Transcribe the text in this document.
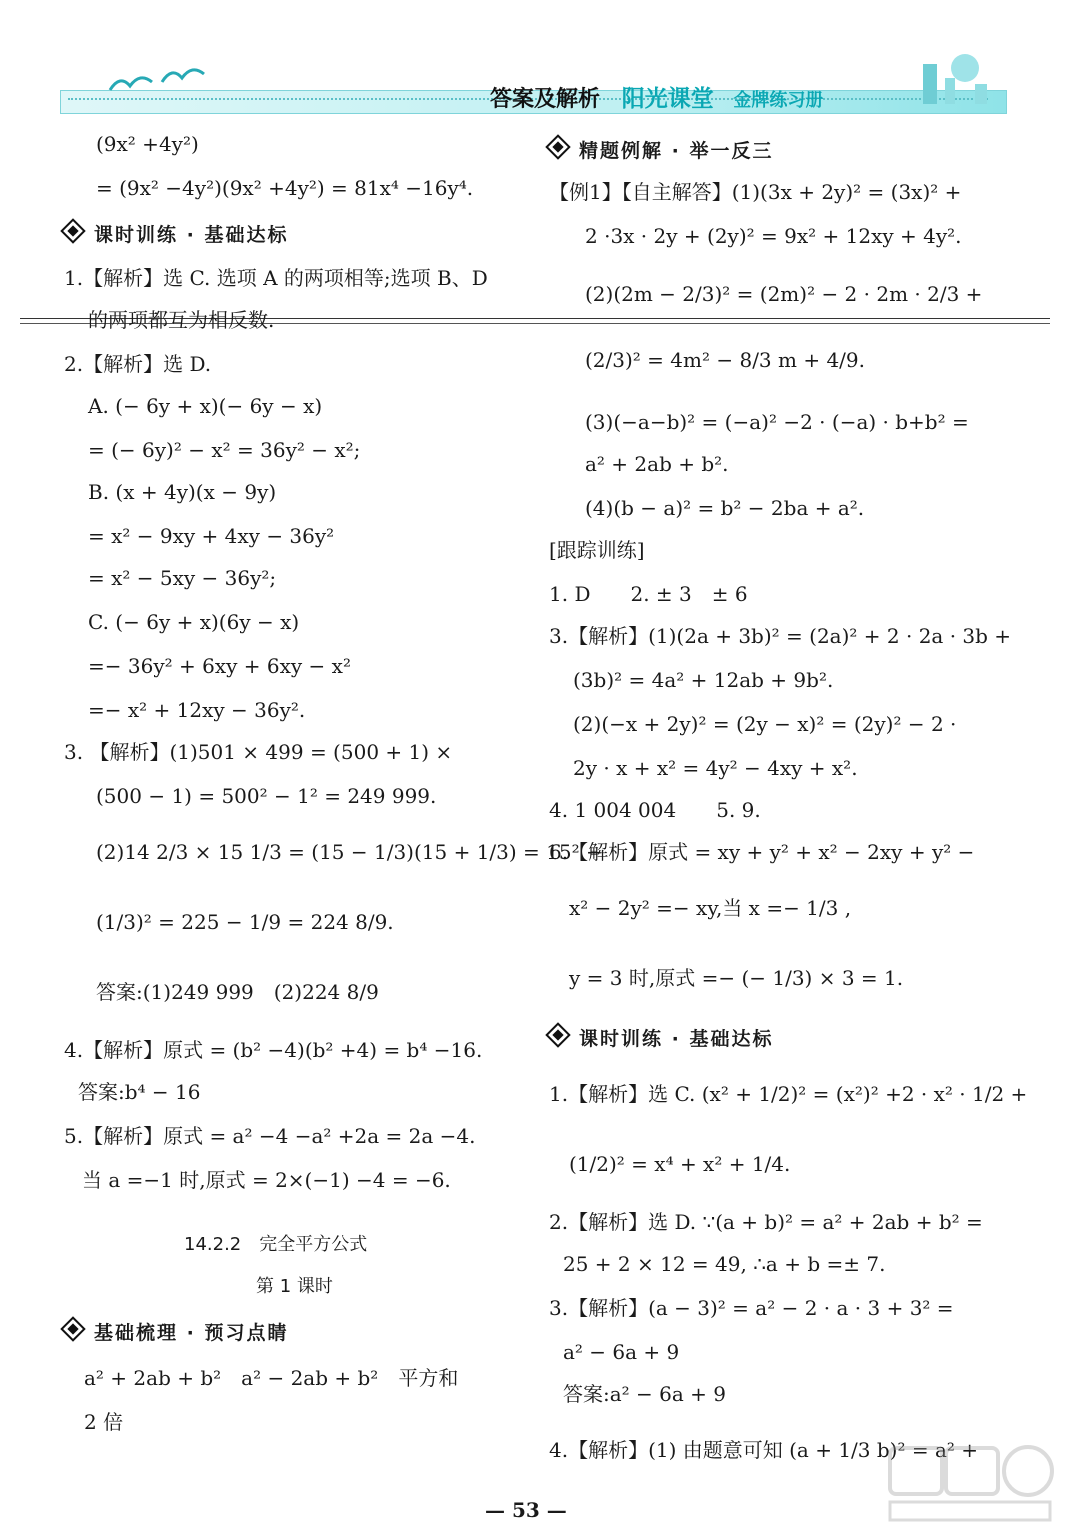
答案及解析 阳光课堂 金牌练习册
(9x² +4y²)
= (9x² −4y²)(9x² +4y²) = 81x⁴ −16y⁴.
课时训练 · 基础达标
1.【解析】选 C. 选项 A 的两项相等;选项 B、D
的两项都互为相反数.
2.【解析】选 D.
A. (− 6y + x)(− 6y − x)
= (− 6y)² − x² = 36y² − x²;
B. (x + 4y)(x − 9y)
= x² − 9xy + 4xy − 36y²
= x² − 5xy − 36y²;
C. (− 6y + x)(6y − x)
=− 36y² + 6xy + 6xy − x²
=− x² + 12xy − 36y².
3. 【解析】(1)501 × 499 = (500 + 1) ×
(500 − 1) = 500² − 1² = 249 999.
(2)14 2/3 × 15 1/3 = (15 − 1/3)(15 + 1/3) = 15² −
(1/3)² = 225 − 1/9 = 224 8/9.
答案:(1)249 999　(2)224 8/9
4.【解析】原式 = (b² −4)(b² +4) = b⁴ −16.
答案:b⁴ − 16
5.【解析】原式 = a² −4 −a² +2a = 2a −4.
当 a =−1 时,原式 = 2×(−1) −4 = −6.
14.2.2　完全平方公式
第 1 课时
基础梳理 · 预习点睛
a² + 2ab + b²　a² − 2ab + b²　平方和
2 倍
精题例解 · 举一反三
【例1】【自主解答】(1)(3x + 2y)² = (3x)² +
2 ·3x · 2y + (2y)² = 9x² + 12xy + 4y².
(2)(2m − 2/3)² = (2m)² − 2 · 2m · 2/3 +
(2/3)² = 4m² − 8/3 m + 4/9.
(3)(−a−b)² = (−a)² −2 · (−a) · b+b² =
a² + 2ab + b².
(4)(b − a)² = b² − 2ba + a².
[跟踪训练]
1. D　　2. ± 3　± 6
3.【解析】(1)(2a + 3b)² = (2a)² + 2 · 2a · 3b +
(3b)² = 4a² + 12ab + 9b².
(2)(−x + 2y)² = (2y − x)² = (2y)² − 2 ·
2y · x + x² = 4y² − 4xy + x².
4. 1 004 004　　5. 9.
6.【解析】原式 = xy + y² + x² − 2xy + y² −
x² − 2y² =− xy,当 x =− 1/3 ,
y = 3 时,原式 =− (− 1/3) × 3 = 1.
课时训练 · 基础达标
1.【解析】选 C. (x² + 1/2)² = (x²)² +2 · x² · 1/2 +
(1/2)² = x⁴ + x² + 1/4.
2.【解析】选 D. ∵(a + b)² = a² + 2ab + b² =
25 + 2 × 12 = 49, ∴a + b =± 7.
3.【解析】(a − 3)² = a² − 2 · a · 3 + 3² =
a² − 6a + 9
答案:a² − 6a + 9
4.【解析】(1) 由题意可知 (a + 1/3 b)² = a² +
— 53 —
